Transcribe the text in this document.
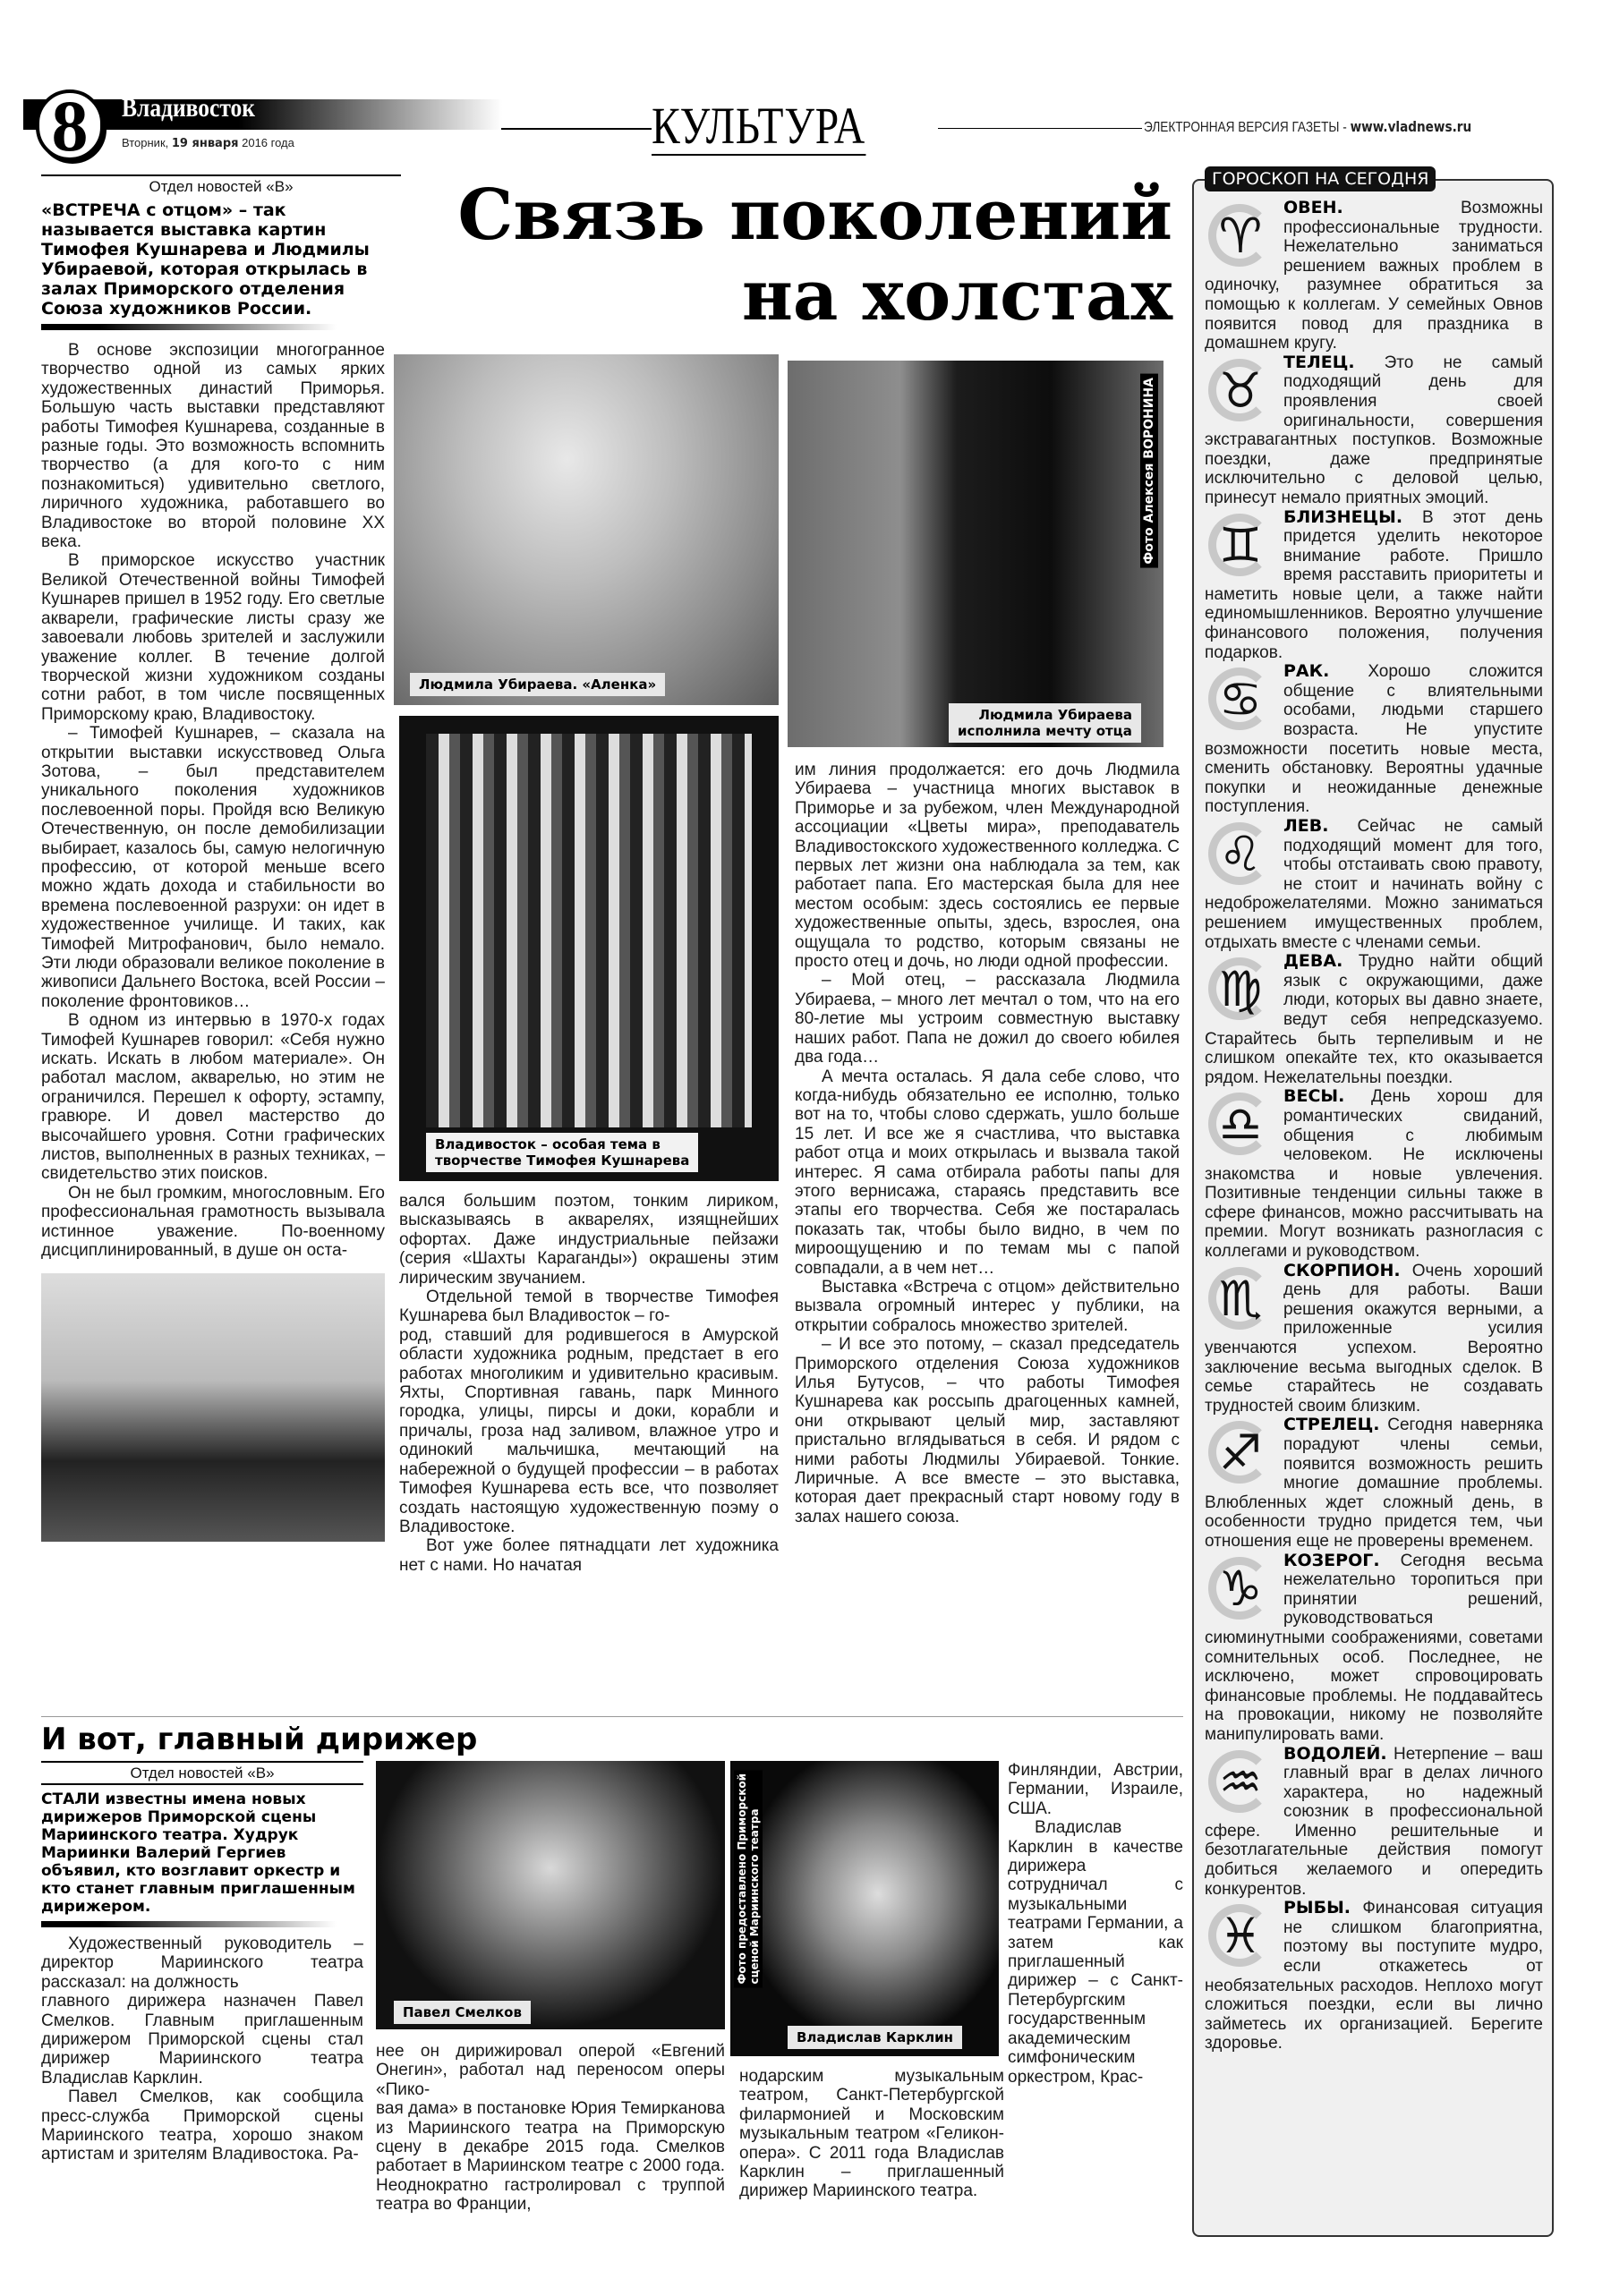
8	Владивосток
Вторник, 19 января 2016 года	КУЛЬТУРА	ЭЛЕКТРОННАЯ ВЕРСИЯ ГАЗЕТЫ - www.vladnews.ru
Отдел новостей «В»	Связь поколений
на холстах
«ВСТРЕЧА с отцом» – так называется выставка картин Тимофея Кушнарева и Людмилы Убираевой, которая открылась в залах Приморского отделения Союза художников России.

В основе экспозиции многогранное творчество одной из самых ярких художественных династий Приморья. Большую часть выставки представляют работы Тимофея Кушнарева, созданные в разные годы. Это возможность вспомнить творчество (а для кого-то с ним познакомиться) удивительно светлого, лиричного художника, работавшего во Владивостоке во второй половине XX века.

В приморское искусство участник Великой Отечественной войны Тимофей Кушнарев пришел в 1952 году. Его светлые акварели, графические листы сразу же завоевали любовь зрителей и заслужили уважение коллег. В течение долгой творческой жизни художником созданы сотни работ, в том числе посвященных Приморскому краю, Владивостоку.

– Тимофей Кушнарев, – сказала на открытии выставки искусствовед Ольга Зотова, – был представителем уникального поколения художников послевоенной поры. Пройдя всю Великую Отечественную, он после демобилизации выбирает, казалось бы, самую нелогичную профессию, от которой меньше всего можно ждать дохода и стабильности во времена послевоенной разрухи: он идет в художественное училище. И таких, как Тимофей Митрофанович, было немало. Эти люди образовали великое поколение в живописи Дальнего Востока, всей России – поколение фронтовиков…

В одном из интервью в 1970-х годах Тимофей Кушнарев говорил: «Себя нужно искать. Искать в любом материале». Он работал маслом, акварелью, но этим не ограничился. Перешел к офорту, эстампу, гравюре. И довел мастерство до высочайшего уровня. Сотни графических листов, выполненных в разных техниках, – свидетельство этих поисков.

Он не был громким, многословным. Его профессиональная грамотность вызывала истинное уважение. По-военному дисциплинированный, в душе он оста-

Людмила Убираева. «Аленка»
Фото Алексея ВОРОНИНА
Людмила Убираева
исполнила мечту отца
Владивосток – особая тема в
творчестве Тимофея Кушнарева

вался большим поэтом, тонким лириком, высказываясь в акварелях, изящнейших офортах. Даже индустриальные пейзажи (серия «Шахты Караганды») окрашены этим лирическим звучанием.

Отдельной темой в творчестве Тимофея Кушнарева был Владивосток – го-

род, ставший для родившегося в Амурской области художника родным, предстает в его работах многоликим и удивительно красивым. Яхты, Спортивная гавань, парк Минного городка, улицы, пирсы и доки, корабли и причалы, гроза над заливом, влажное утро и одинокий мальчишка, мечтающий на набережной о будущей профессии – в работах Тимофея Кушнарева есть все, что позволяет создать настоящую художественную поэму о Владивостоке.

Вот уже более пятнадцати лет художника нет с нами. Но начатая

им линия продолжается: его дочь Людмила Убираева – участница многих выставок в Приморье и за рубежом, член Международной ассоциации «Цветы мира», преподаватель Владивостокского художественного колледжа. С первых лет жизни она наблюдала за тем, как работает папа. Его мастерская была для нее местом особым: здесь состоялись ее первые художественные опыты, здесь, взрослея, она ощущала то родство, которым связаны не просто отец и дочь, но люди одной профессии.

– Мой отец, – рассказала Людмила Убираева, – много лет мечтал о том, что на его 80-летие мы устроим совместную выставку наших работ. Папа не дожил до своего юбилея два года…

А мечта осталась. Я дала себе слово, что когда-нибудь обязательно ее исполню, только вот на то, чтобы слово сдержать, ушло больше 15 лет. И все же я счастлива, что выставка работ отца и моих открылась и вызвала такой интерес. Я сама отбирала работы папы для этого вернисажа, стараясь представить все этапы его творчества. Себя же постаралась показать так, чтобы было видно, в чем по мироощущению и по темам мы с папой совпадали, а в чем нет…

Выставка «Встреча с отцом» действительно вызвала огромный интерес у публики, на открытии собралось множество зрителей.

– И все это потому, – сказал председатель Приморского отделения Союза художников Илья Бутусов, – что работы Тимофея Кушнарева как россыпь драгоценных камней, они открывают целый мир, заставляют пристально вглядываться в себя. И рядом с ними работы Людмилы Убираевой. Тонкие. Лиричные. А все вместе – это выставка, которая дает прекрасный старт новому году в залах нашего союза.

И вот, главный дирижер
Отдел новостей «В»
СТАЛИ известны имена новых дирижеров Приморской сцены Мариинского театра. Худрук Мариинки Валерий Гергиев объявил, кто возглавит оркестр и кто станет главным приглашенным дирижером.

Художественный руководитель – директор Мариинского театра рассказал: на должность

главного дирижера назначен Павел Смелков. Главным приглашенным дирижером Приморской сцены стал дирижер Мариинского театра Владислав Карклин.

Павел Смелков, как сообщила пресс-служба Приморской сцены Мариинского театра, хорошо знаком артистам и зрителям Владивостока. Ра-

Павел Смелков
Фото предоставлено Приморской
сценой Мариинского театра
Владислав Карклин

нее он дирижировал оперой «Евгений Онегин», работал над переносом оперы «Пико-

вая дама» в постановке Юрия Темирканова из Мариинского театра на Приморскую сцену в декабре 2015 года. Смелков работает в Мариинском театре с 2000 года. Неоднократно гастролировал с труппой театра во Франции,

Финляндии, Австрии, Германии, Израиле, США.

Владислав Карклин в качестве дирижера сотрудничал с музыкальными театрами Германии, а затем как приглашенный дирижер – с Санкт-Петербургским государственным академическим симфоническим оркестром, Крас-

нодарским музыкальным театром, Санкт-Петербургской филармонией и Московским музыкальным театром «Геликон-опера». С 2011 года Владислав Карклин – приглашенный дирижер Мариинского театра.

ГОРОСКОП НА СЕГОДНЯ
♈	ОВЕН.	Возможны профессиональные трудности. Нежелательно заниматься решением важных проблем в одиночку, разумнее обратиться за помощью к коллегам. У семейных Овнов появится повод для праздника в домашнем кругу.
♉	ТЕЛЕЦ. Это не самый подходящий день для проявления своей оригинальности, совершения экстравагантных поступков. Возможные поездки, даже предпринятые исключительно с деловой целью, принесут немало приятных эмоций.
♊	БЛИЗНЕЦЫ. В этот день придется уделить некоторое внимание работе. Пришло время расставить приоритеты и наметить новые цели, а также найти единомышленников. Вероятно улучшение финансового положения, получения подарков.
♋	РАК. Хорошо сложится общение с влиятельными особами, людьми старшего возраста. Не упустите возможности посетить новые места, сменить обстановку. Вероятны удачные покупки и неожиданные денежные поступления.
♌	ЛЕВ. Сейчас не самый подходящий момент для того, чтобы отстаивать свою правоту, не стоит и начинать войну с недоброжелателями. Можно заниматься решением имущественных проблем, отдыхать вместе с членами семьи.
♍	ДЕВА. Трудно найти общий язык с окружающими, даже люди, которых вы давно знаете, ведут себя непредсказуемо. Старайтесь быть терпеливым и не слишком опекайте тех, кто оказывается рядом. Нежелательны поездки.
♎	ВЕСЫ. День хорош для романтических свиданий, общения с любимым человеком. Не исключены знакомства и новые увлечения. Позитивные тенденции сильны также в сфере финансов, можно рассчитывать на премии. Могут возникать разногласия с коллегами и руководством.
♏	СКОРПИОН. Очень хороший день для работы. Ваши решения окажутся верными, а приложенные усилия увенчаются успехом. Вероятно заключение весьма выгодных сделок. В семье старайтесь не создавать трудностей своим близким.
♐	СТРЕЛЕЦ. Сегодня наверняка порадуют члены семьи, появится возможность решить многие домашние проблемы. Влюбленных ждет сложный день, в особенности трудно придется тем, чьи отношения еще не проверены временем.
♑	КОЗЕРОГ. Сегодня весьма нежелательно торопиться при принятии решений, руководствоваться сиюминутными соображениями, советами сомнительных особ. Последнее, не исключено, может спровоцировать финансовые проблемы. Не поддавайтесь на провокации, никому не позволяйте манипулировать вами.
♒	ВОДОЛЕЙ. Нетерпение – ваш главный враг в делах личного характера, но надежный союзник в профессиональной сфере. Именно решительные и безотлагательные действия помогут добиться желаемого и опередить конкурентов.
♓	РЫБЫ. Финансовая ситуация не слишком благоприятна, поэтому вы поступите мудро, если откажетесь от необязательных расходов. Неплохо могут сложиться поездки, если вы лично займетесь их организацией. Берегите здоровье.
